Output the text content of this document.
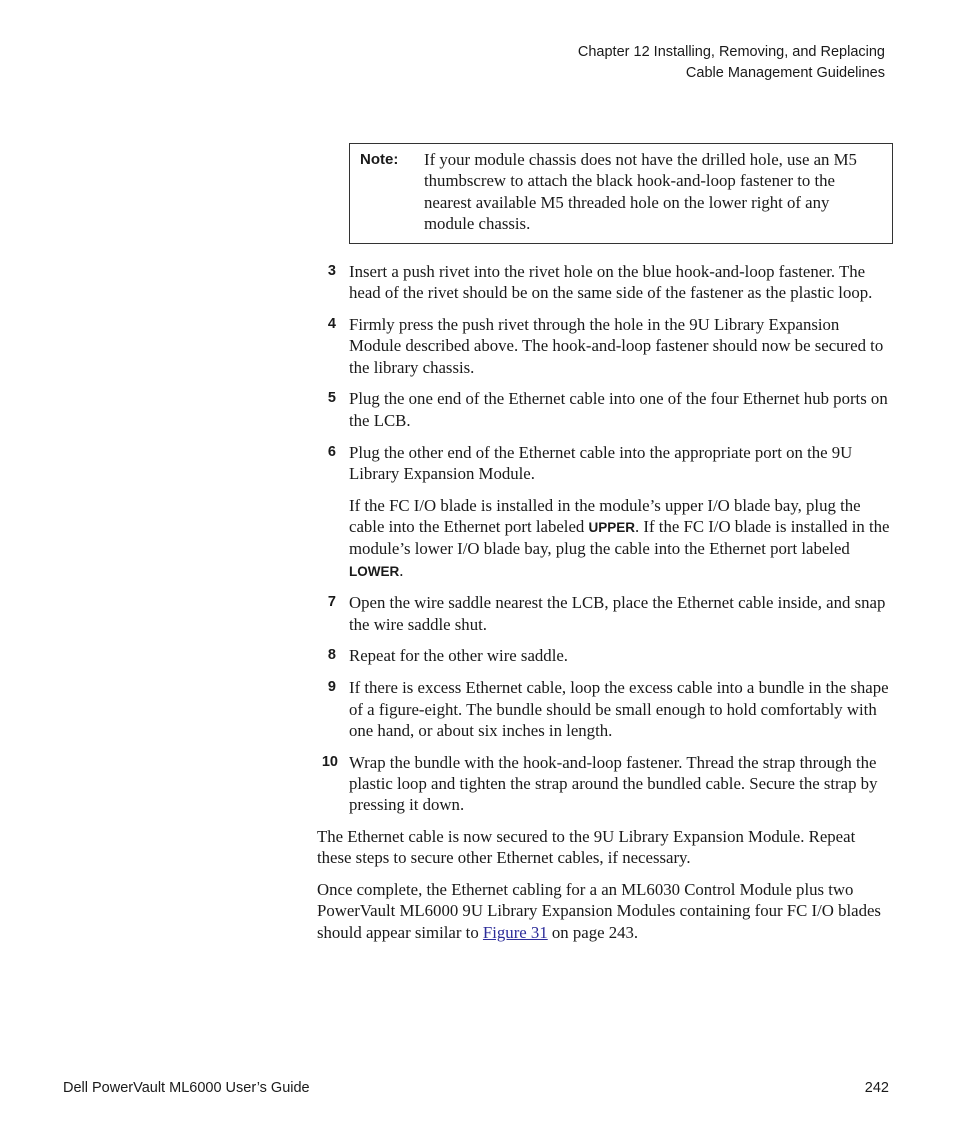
Chapter 12 Installing, Removing, and Replacing
Cable Management Guidelines
Note:	If your module chassis does not have the drilled hole, use an M5 thumbscrew to attach the black hook-and-loop fastener to the nearest available M5 threaded hole on the lower right of any module chassis.
3 Insert a push rivet into the rivet hole on the blue hook-and-loop fastener. The head of the rivet should be on the same side of the fastener as the plastic loop.

4 Firmly press the push rivet through the hole in the 9U Library Expansion Module described above. The hook-and-loop fastener should now be secured to the library chassis.

5 Plug the one end of the Ethernet cable into one of the four Ethernet hub ports on the LCB.

6 Plug the other end of the Ethernet cable into the appropriate port on the 9U Library Expansion Module.

If the FC I/O blade is installed in the module’s upper I/O blade bay, plug the cable into the Ethernet port labeled UPPER. If the FC I/O blade is installed in the module’s lower I/O blade bay, plug the cable into the Ethernet port labeled LOWER.

7 Open the wire saddle nearest the LCB, place the Ethernet cable inside, and snap the wire saddle shut.

8 Repeat for the other wire saddle.

9 If there is excess Ethernet cable, loop the excess cable into a bundle in the shape of a figure-eight. The bundle should be small enough to hold comfortably with one hand, or about six inches in length.

10 Wrap the bundle with the hook-and-loop fastener. Thread the strap through the plastic loop and tighten the strap around the bundled cable. Secure the strap by pressing it down.

The Ethernet cable is now secured to the 9U Library Expansion Module. Repeat these steps to secure other Ethernet cables, if necessary.

Once complete, the Ethernet cabling for a an ML6030 Control Module plus two PowerVault ML6000 9U Library Expansion Modules containing four FC I/O blades should appear similar to Figure 31 on page 243.

Dell PowerVault ML6000 User’s Guide	242
